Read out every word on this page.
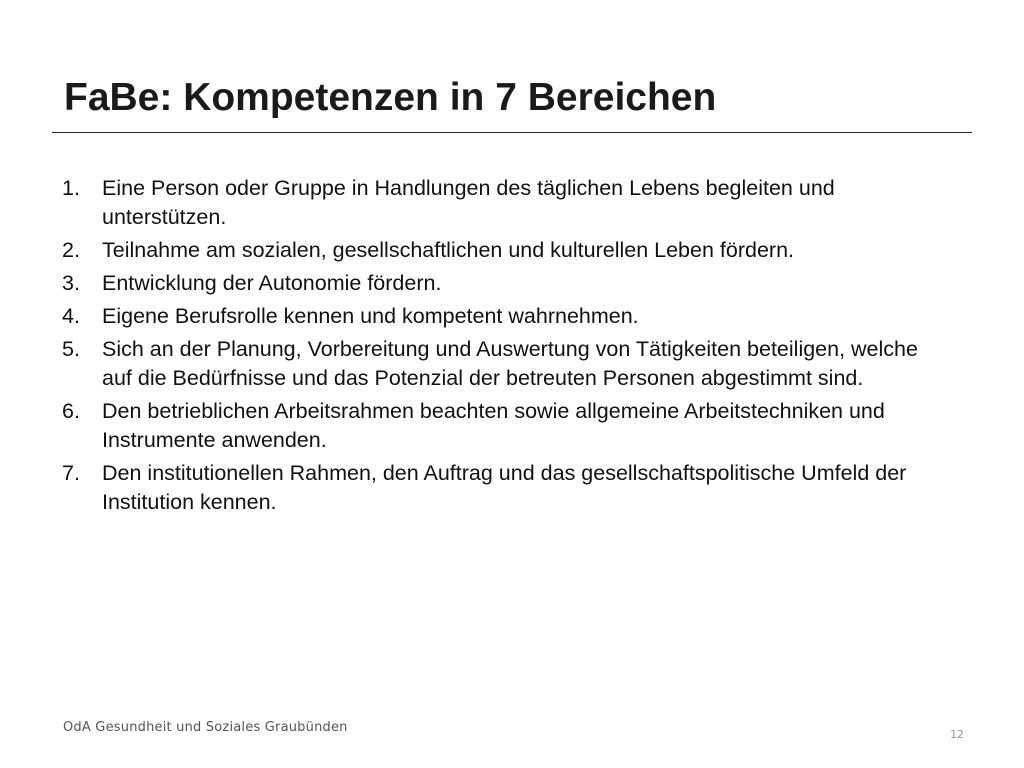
FaBe: Kompetenzen in 7 Bereichen
1.	Eine Person oder Gruppe in Handlungen des täglichen Lebens begleiten und unterstützen.
2.	Teilnahme am sozialen, gesellschaftlichen und kulturellen Leben fördern.
3.	Entwicklung der Autonomie fördern.
4.	Eigene Berufsrolle kennen und kompetent wahrnehmen.
5.	Sich an der Planung, Vorbereitung und Auswertung von Tätigkeiten beteiligen, welche auf die Bedürfnisse und das Potenzial der betreuten Personen abgestimmt sind.
6.	Den betrieblichen Arbeitsrahmen beachten sowie allgemeine Arbeitstechniken und Instrumente anwenden.
7.	Den institutionellen Rahmen, den Auftrag und das gesellschaftspolitische Umfeld der Institution kennen.
OdA Gesundheit und Soziales Graubünden	12
